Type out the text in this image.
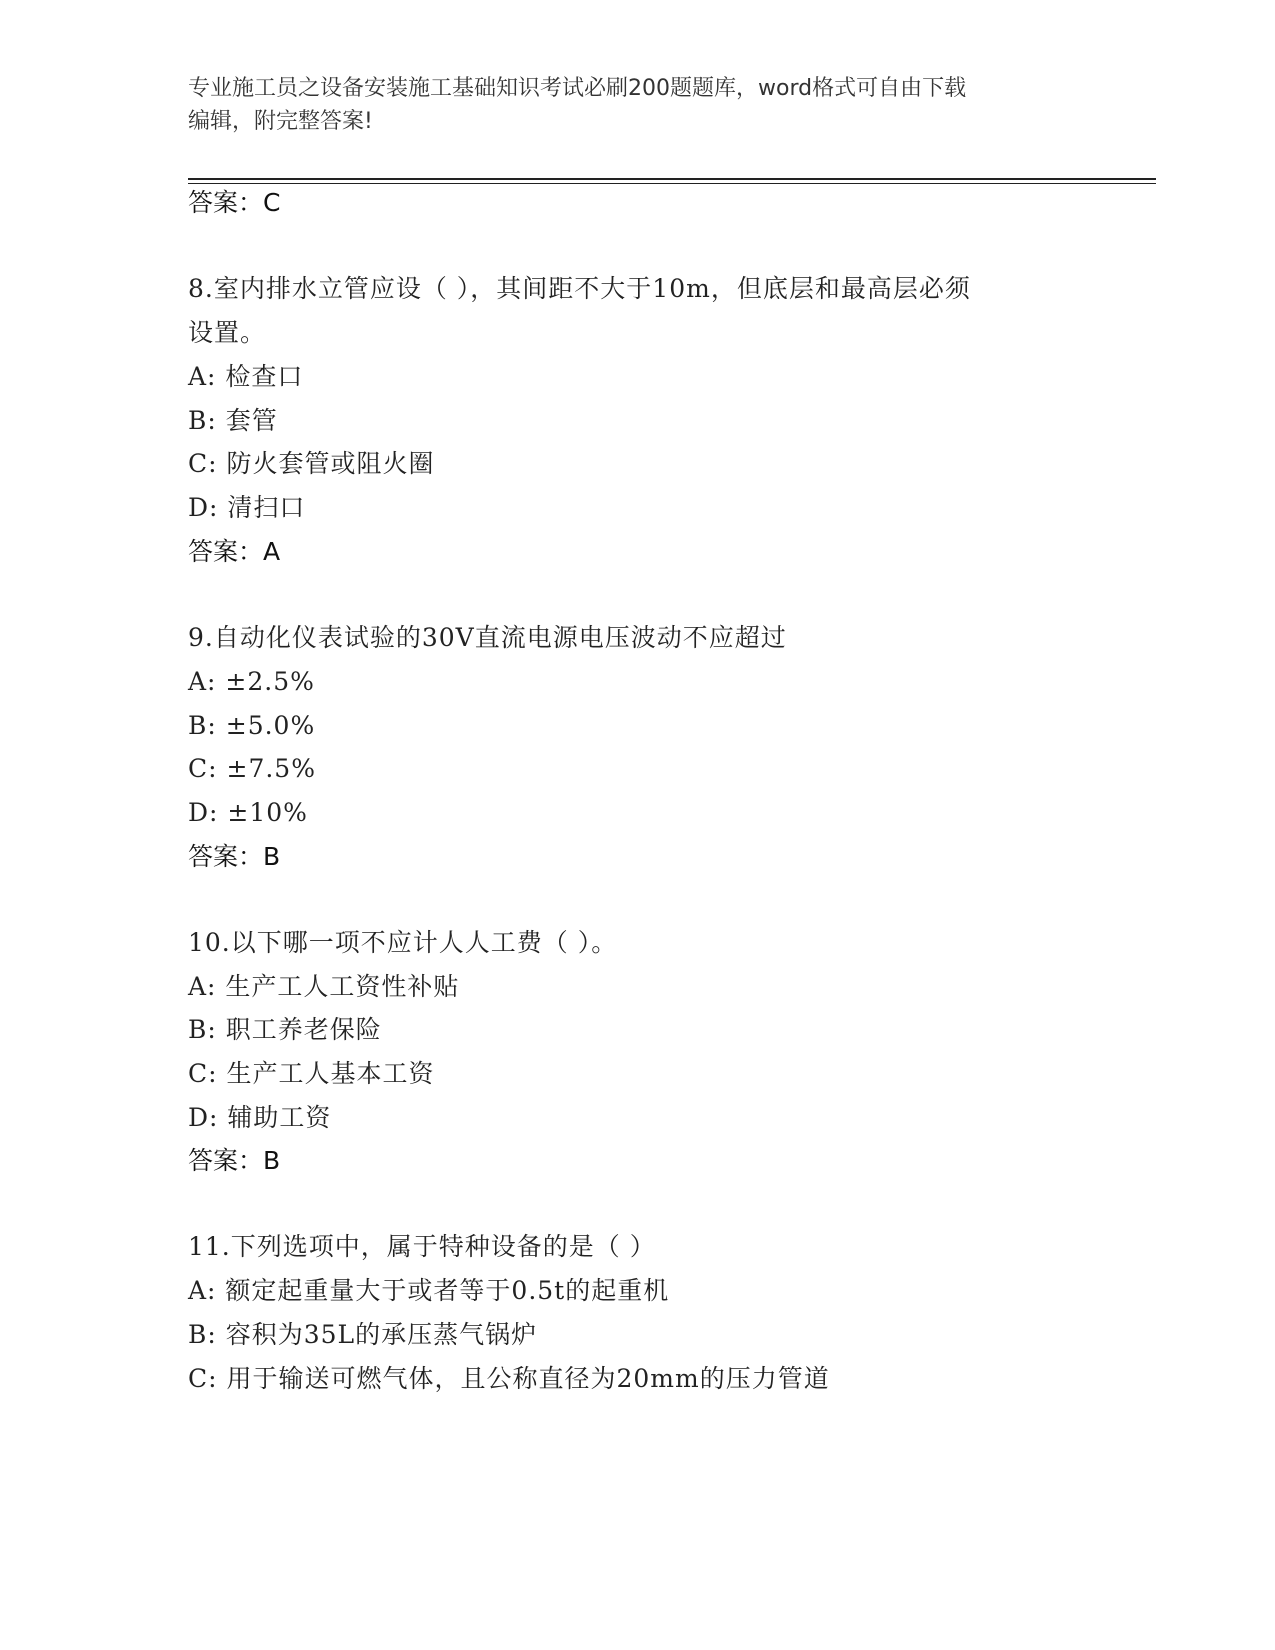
专业施工员之设备安装施工基础知识考试必刷200题题库，word格式可自由下载
编辑，附完整答案!
答案：C
8.室内排水立管应设（ ），其间距不大于10m，但底层和最高层必须
设置。
A: 检查口
B: 套管
C: 防火套管或阻火圈
D: 清扫口
答案：A
9.自动化仪表试验的30V直流电源电压波动不应超过
A: ±2.5%
B: ±5.0%
C: ±7.5%
D: ±10%
答案：B
10.以下哪一项不应计人人工费（ ）。
A: 生产工人工资性补贴
B: 职工养老保险
C: 生产工人基本工资
D: 辅助工资
答案：B
11.下列选项中，属于特种设备的是（ ）
A: 额定起重量大于或者等于0.5t的起重机
B: 容积为35L的承压蒸气锅炉
C: 用于输送可燃气体，且公称直径为20mm的压力管道
